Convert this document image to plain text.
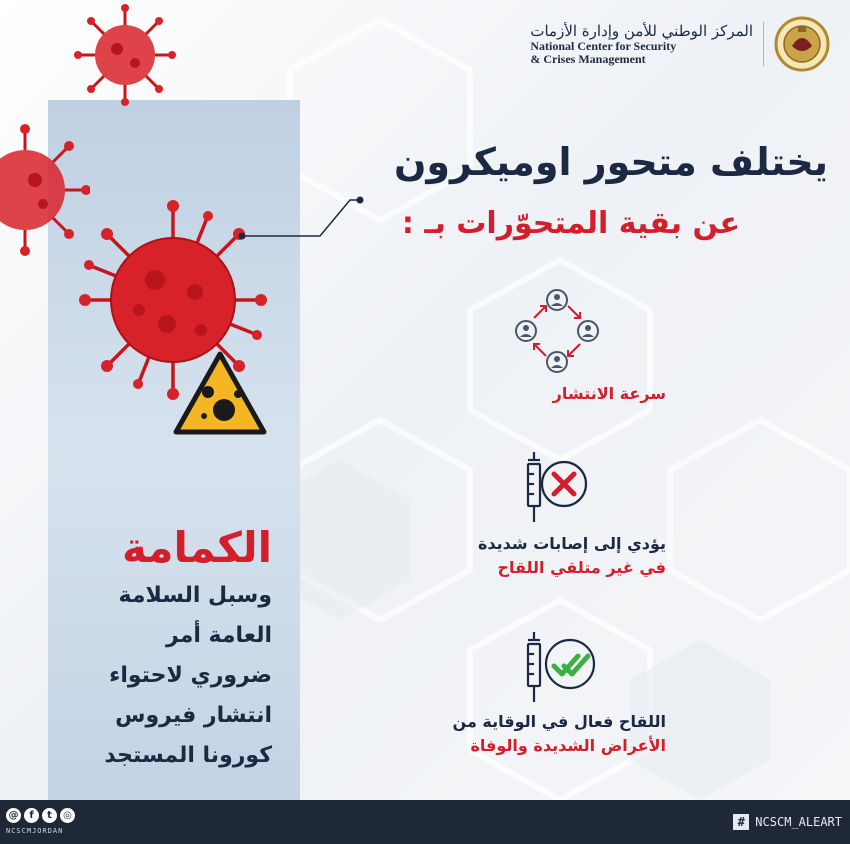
المركز الوطني للأمن وإدارة الأزمات
National Center for Security
& Crises Management
يختلف متحور اوميكرون
عن بقية المتحوّرات بـ :
سرعة الانتشار
يؤدي إلى إصابات شديدة
في غير متلقي اللقاح
اللقاح فعال في الوقاية من
الأعراض الشديدة والوفاة
الكمامة
وسبل السلامة
العامة أمر
ضروري لاحتواء
انتشار فيروس
كورونا المستجد
@	f	t	◎
NCSCMJORDAN
# NCSCM_ALEART
